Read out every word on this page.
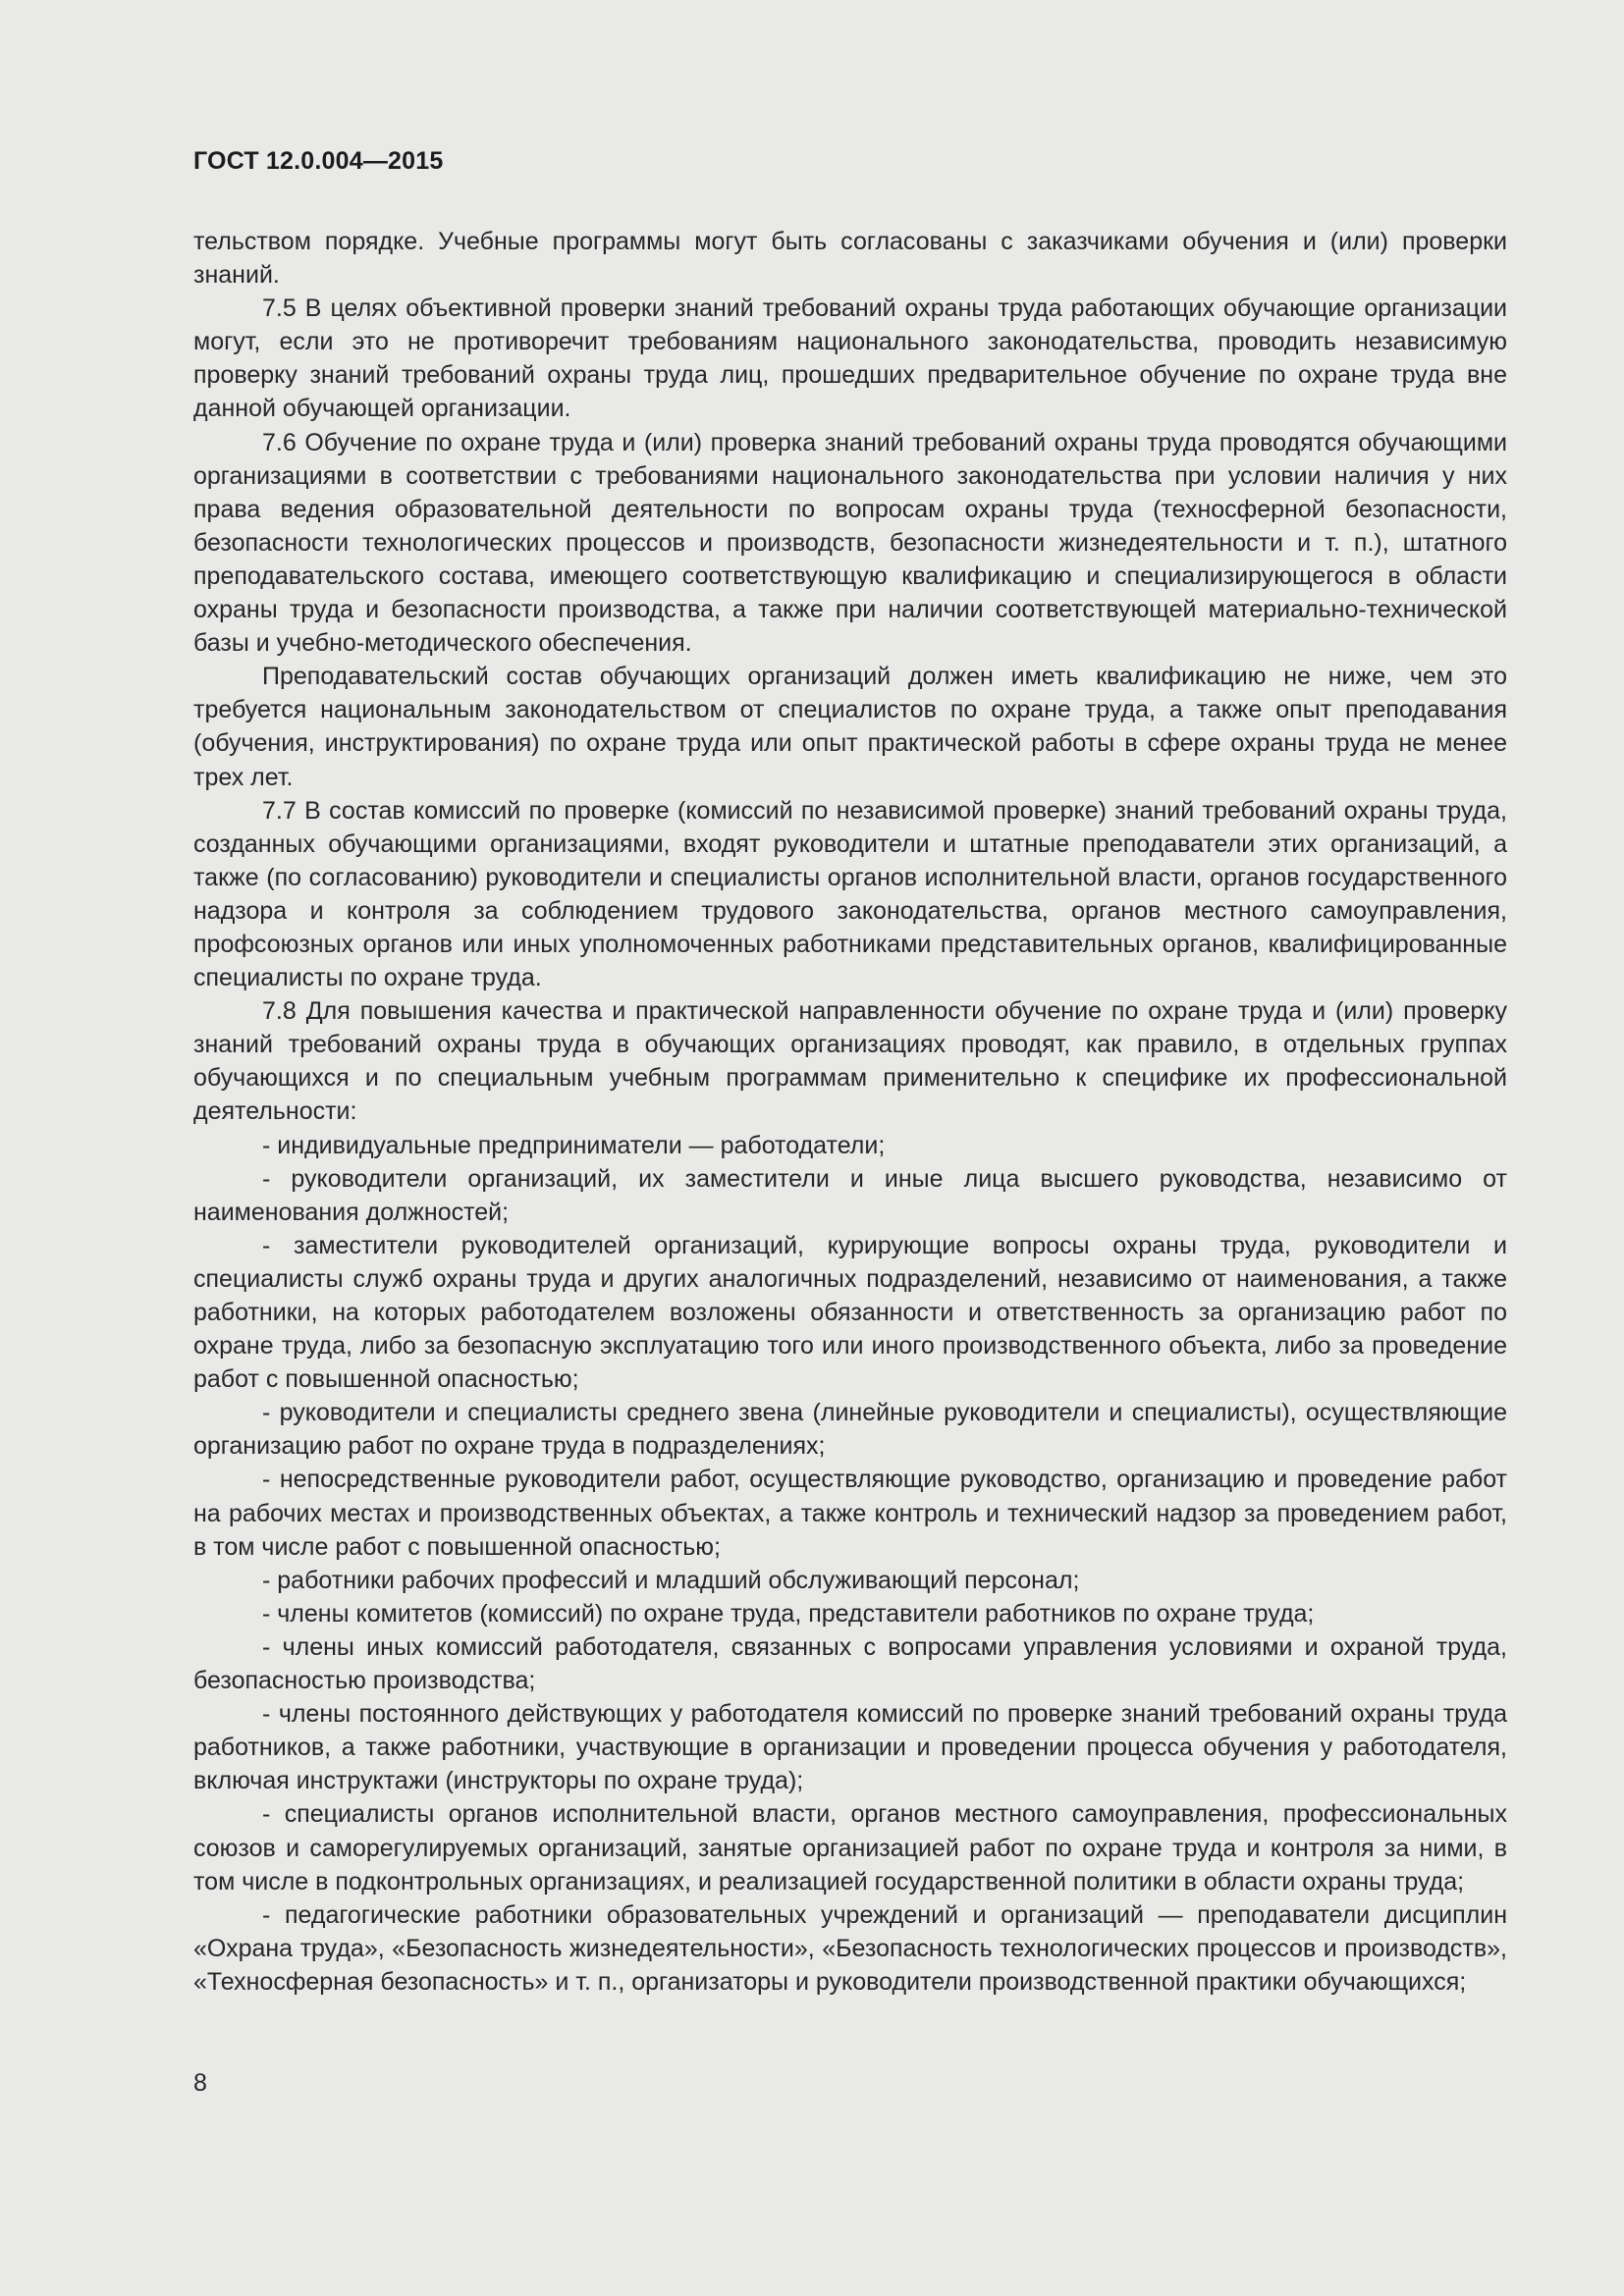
ГОСТ 12.0.004—2015

тельством порядке. Учебные программы могут быть согласованы с заказчиками обучения и (или) проверки знаний.

7.5 В целях объективной проверки знаний требований охраны труда работающих обучающие организации могут, если это не противоречит требованиям национального законодательства, проводить независимую проверку знаний требований охраны труда лиц, прошедших предварительное обучение по охране труда вне данной обучающей организации.

7.6 Обучение по охране труда и (или) проверка знаний требований охраны труда проводятся обучающими организациями в соответствии с требованиями национального законодательства при условии наличия у них права ведения образовательной деятельности по вопросам охраны труда (техносферной безопасности, безопасности технологических процессов и производств, безопасности жизнедеятельности и т. п.), штатного преподавательского состава, имеющего соответствующую квалификацию и специализирующегося в области охраны труда и безопасности производства, а также при наличии соответствующей материально-технической базы и учебно-методического обеспечения.

Преподавательский состав обучающих организаций должен иметь квалификацию не ниже, чем это требуется национальным законодательством от специалистов по охране труда, а также опыт преподавания (обучения, инструктирования) по охране труда или опыт практической работы в сфере охраны труда не менее трех лет.

7.7 В состав комиссий по проверке (комиссий по независимой проверке) знаний требований охраны труда, созданных обучающими организациями, входят руководители и штатные преподаватели этих организаций, а также (по согласованию) руководители и специалисты органов исполнительной власти, органов государственного надзора и контроля за соблюдением трудового законодательства, органов местного самоуправления, профсоюзных органов или иных уполномоченных работниками представительных органов, квалифицированные специалисты по охране труда.

7.8 Для повышения качества и практической направленности обучение по охране труда и (или) проверку знаний требований охраны труда в обучающих организациях проводят, как правило, в отдельных группах обучающихся и по специальным учебным программам применительно к специфике их профессиональной деятельности:

- индивидуальные предприниматели — работодатели;

- руководители организаций, их заместители и иные лица высшего руководства, независимо от наименования должностей;

- заместители руководителей организаций, курирующие вопросы охраны труда, руководители и специалисты служб охраны труда и других аналогичных подразделений, независимо от наименования, а также работники, на которых работодателем возложены обязанности и ответственность за организацию работ по охране труда, либо за безопасную эксплуатацию того или иного производственного объекта, либо за проведение работ с повышенной опасностью;

- руководители и специалисты среднего звена (линейные руководители и специалисты), осуществляющие организацию работ по охране труда в подразделениях;

- непосредственные руководители работ, осуществляющие руководство, организацию и проведение работ на рабочих местах и производственных объектах, а также контроль и технический надзор за проведением работ, в том числе работ с повышенной опасностью;

- работники рабочих профессий и младший обслуживающий персонал;

- члены комитетов (комиссий) по охране труда, представители работников по охране труда;

- члены иных комиссий работодателя, связанных с вопросами управления условиями и охраной труда, безопасностью производства;

- члены постоянного действующих у работодателя комиссий по проверке знаний требований охраны труда работников, а также работники, участвующие в организации и проведении процесса обучения у работодателя, включая инструктажи (инструкторы по охране труда);

- специалисты органов исполнительной власти, органов местного самоуправления, профессиональных союзов и саморегулируемых организаций, занятые организацией работ по охране труда и контроля за ними, в том числе в подконтрольных организациях, и реализацией государственной политики в области охраны труда;

- педагогические работники образовательных учреждений и организаций — преподаватели дисциплин «Охрана труда», «Безопасность жизнедеятельности», «Безопасность технологических процессов и производств», «Техносферная безопасность» и т. п., организаторы и руководители производственной практики обучающихся;

8
